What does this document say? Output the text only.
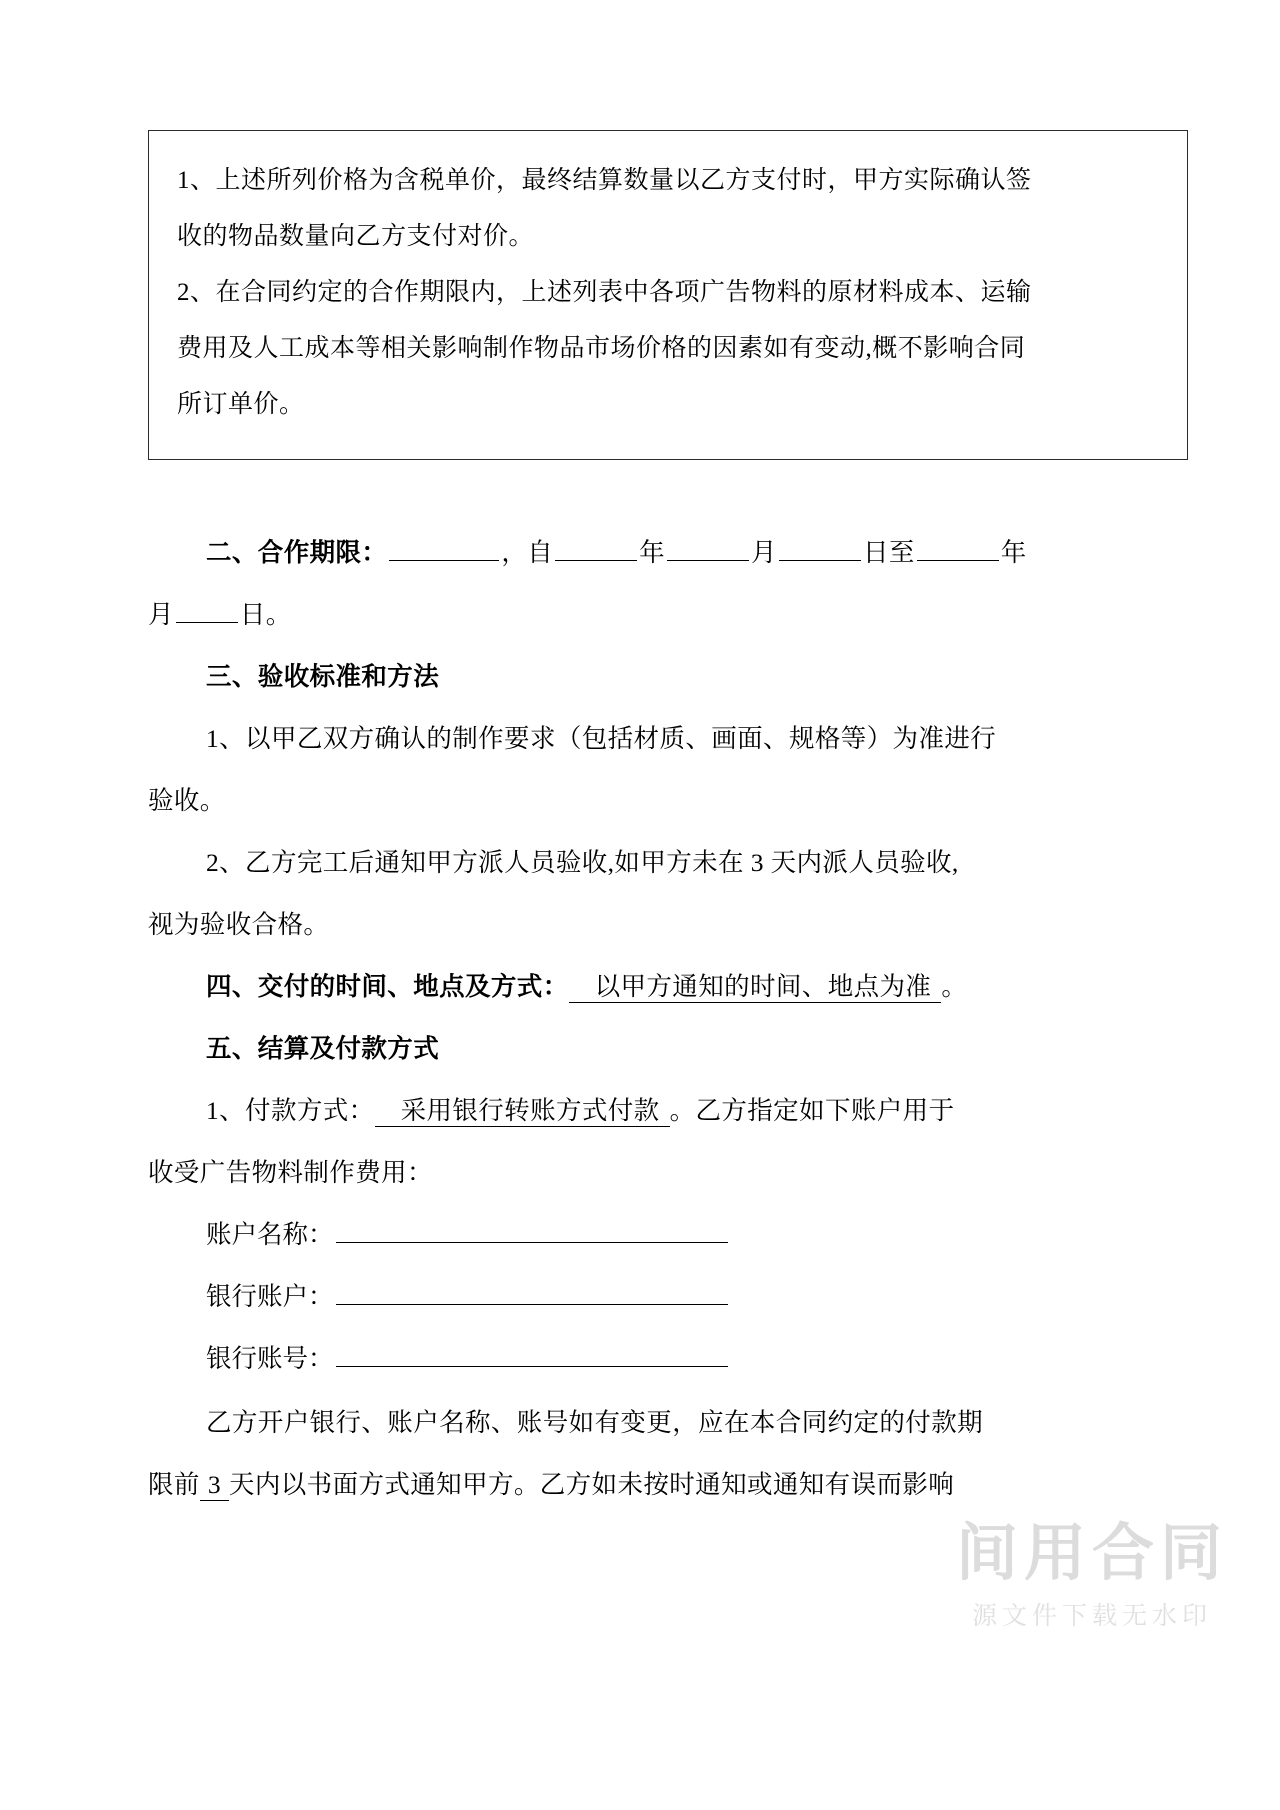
1、上述所列价格为含税单价，最终结算数量以乙方支付时，甲方实际确认签
收的物品数量向乙方支付对价。
2、在合同约定的合作期限内，上述列表中各项广告物料的原材料成本、运输
费用及人工成本等相关影响制作物品市场价格的因素如有变动,概不影响合同
所订单价。
二、合作期限：	，自	年	月	日至	年
月	日。
三、验收标准和方法
1、以甲乙双方确认的制作要求（包括材质、画面、规格等）为准进行
验收。
2、乙方完工后通知甲方派人员验收,如甲方未在 3 天内派人员验收,
视为验收合格。
四、交付的时间、地点及方式： 以甲方通知的时间、地点为准 。
五、结算及付款方式
1、付款方式： 采用银行转账方式付款 。乙方指定如下账户用于
收受广告物料制作费用：
账户名称：
银行账户：
银行账号：
乙方开户银行、账户名称、账号如有变更，应在本合同约定的付款期
限前 3 天内以书面方式通知甲方。乙方如未按时通知或通知有误而影响
间用合同
源文件下载无水印
